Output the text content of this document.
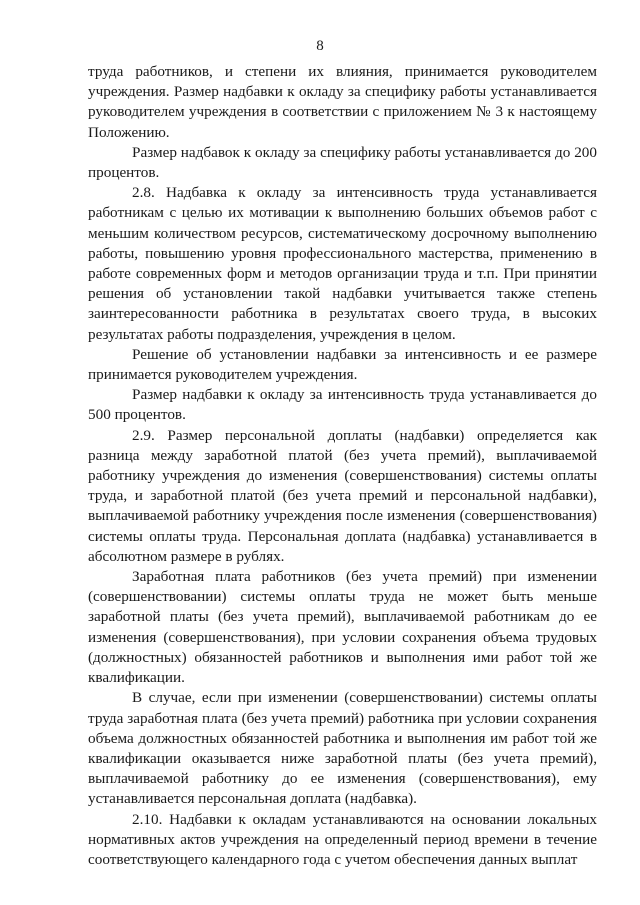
8

труда работников, и степени их влияния, принимается руководителем учреждения. Размер надбавки к окладу за специфику работы устанавливается руководителем учреждения в соответствии с приложением № 3 к настоящему Положению.

Размер надбавок к окладу за специфику работы устанавливается до 200 процентов.

2.8. Надбавка к окладу за интенсивность труда устанавливается работникам с целью их мотивации к выполнению больших объемов работ с меньшим количеством ресурсов, систематическому досрочному выполнению работы, повышению уровня профессионального мастерства, применению в работе современных форм и методов организации труда и т.п. При принятии решения об установлении такой надбавки учитывается также степень заинтересованности работника в результатах своего труда, в высоких результатах работы подразделения, учреждения в целом.

Решение об установлении надбавки за интенсивность и ее размере принимается руководителем учреждения.

Размер надбавки к окладу за интенсивность труда устанавливается до 500 процентов.

2.9. Размер персональной доплаты (надбавки) определяется как разница между заработной платой (без учета премий), выплачиваемой работнику учреждения до изменения (совершенствования) системы оплаты труда, и заработной платой (без учета премий и персональной надбавки), выплачиваемой работнику учреждения после изменения (совершенствования) системы оплаты труда. Персональная доплата (надбавка) устанавливается в абсолютном размере в рублях.

Заработная плата работников (без учета премий) при изменении (совершенствовании) системы оплаты труда не может быть меньше заработной платы (без учета премий), выплачиваемой работникам до ее изменения (совершенствования), при условии сохранения объема трудовых (должностных) обязанностей работников и выполнения ими работ той же квалификации.

В случае, если при изменении (совершенствовании) системы оплаты труда заработная плата (без учета премий) работника при условии сохранения объема должностных обязанностей работника и выполнения им работ той же квалификации оказывается ниже заработной платы (без учета премий), выплачиваемой работнику до ее изменения (совершенствования), ему устанавливается персональная доплата (надбавка).

2.10. Надбавки к окладам устанавливаются на основании локальных нормативных актов учреждения на определенный период времени в течение соответствующего календарного года с учетом обеспечения данных выплат
